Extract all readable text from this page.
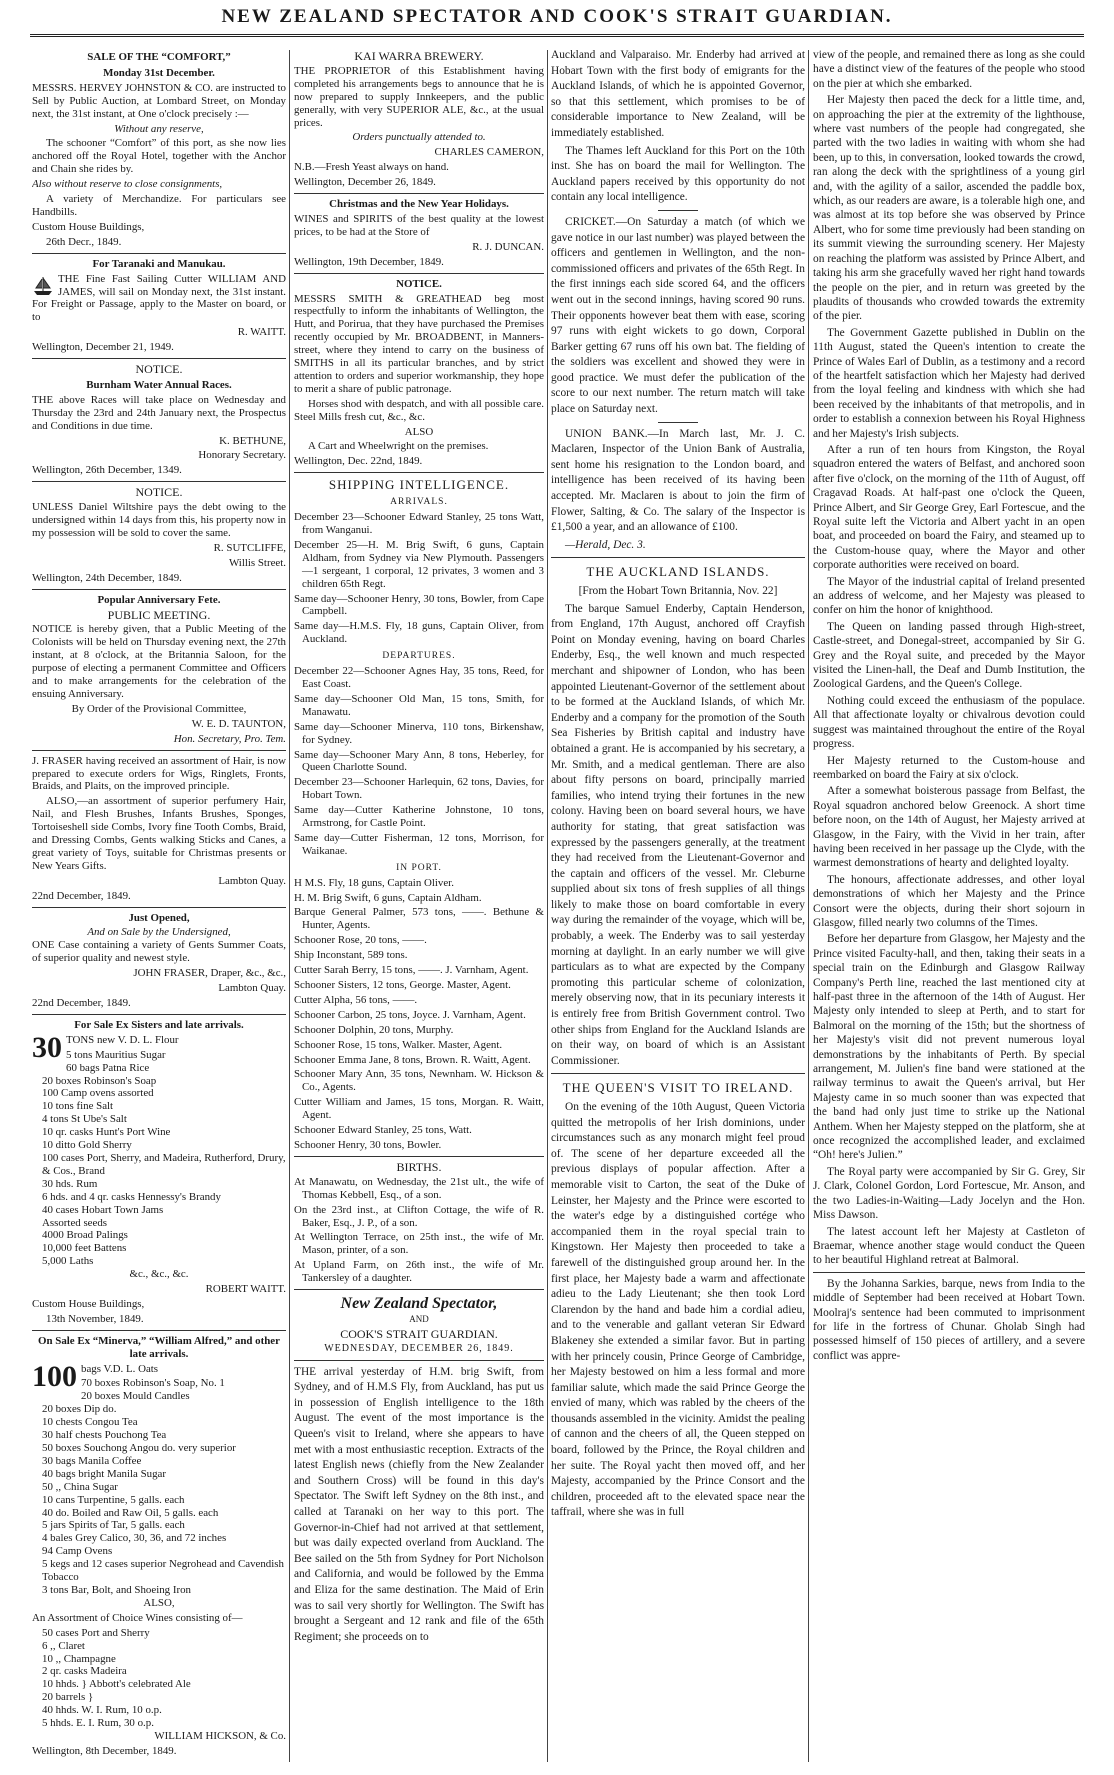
NEW ZEALAND SPECTATOR AND COOK'S STRAIT GUARDIAN.
SALE OF THE “COMFORT,”
Monday 31st December.

MESSRS. HERVEY JOHNSTON & CO. are instructed to Sell by Public Auction, at Lombard Street, on Monday next, the 31st instant, at One o'clock precisely :—

Without any reserve,

The schooner “Comfort” of this port, as she now lies anchored off the Royal Hotel, together with the Anchor and Chain she rides by.

Also without reserve to close consignments,

A variety of Merchandize. For particulars see Handbills.

Custom House Buildings,

26th Decr., 1849.

For Taranaki and Manukau.

THE Fine Fast Sailing Cutter WILLIAM AND JAMES, will sail on Monday next, the 31st instant. For Freight or Passage, apply to the Master on board, or to

R. WAITT.

Wellington, December 21, 1949.

NOTICE.
Burnham Water Annual Races.

THE above Races will take place on Wednesday and Thursday the 23rd and 24th January next, the Prospectus and Conditions in due time.

K. BETHUNE,

Honorary Secretary.

Wellington, 26th December, 1349.

NOTICE.

UNLESS Daniel Wiltshire pays the debt owing to the undersigned within 14 days from this, his property now in my possession will be sold to cover the same.

R. SUTCLIFFE,

Willis Street.

Wellington, 24th December, 1849.

Popular Anniversary Fete.
PUBLIC MEETING.

NOTICE is hereby given, that a Public Meeting of the Colonists will be held on Thursday evening next, the 27th instant, at 8 o'clock, at the Britannia Saloon, for the purpose of electing a permanent Committee and Officers and to make arrangements for the celebration of the ensuing Anniversary.

By Order of the Provisional Committee,

W. E. D. TAUNTON,

Hon. Secretary, Pro. Tem.

J. FRASER having received an assortment of Hair, is now prepared to execute orders for Wigs, Ringlets, Fronts, Braids, and Plaits, on the improved principle.

ALSO,—an assortment of superior perfumery Hair, Nail, and Flesh Brushes, Infants Brushes, Sponges, Tortoiseshell side Combs, Ivory fine Tooth Combs, Braid, and Dressing Combs, Gents walking Sticks and Canes, a great variety of Toys, suitable for Christmas presents or New Years Gifts.

Lambton Quay.

22nd December, 1849.

Just Opened,
And on Sale by the Undersigned,

ONE Case containing a variety of Gents Summer Coats, of superior quality and newest style.

JOHN FRASER, Draper, &c., &c.,

Lambton Quay.

22nd December, 1849.

For Sale Ex Sisters and late arrivals.
30 TONS new V. D. L. Flour

5 tons Mauritius Sugar
60 bags Patna Rice
20 boxes Robinson's Soap
100 Camp ovens assorted
10 tons fine Salt
4 tons St Ube's Salt
10 qr. casks Hunt's Port Wine
10 ditto Gold Sherry
100 cases Port, Sherry, and Madeira, Rutherford, Drury, & Cos., Brand
30 hds. Rum
6 hds. and 4 qr. casks Hennessy's Brandy
40 cases Hobart Town Jams
Assorted seeds
4000 Broad Palings
10,000 feet Battens
5,000 Laths

&c., &c., &c.

ROBERT WAITT.

Custom House Buildings,

13th November, 1849.

On Sale Ex “Minerva,” “William Alfred,” and other late arrivals.
100 bags V.D. L. Oats

70 boxes Robinson's Soap, No. 1
20 boxes Mould Candles
20 boxes Dip do.
10 chests Congou Tea
30 half chests Pouchong Tea
50 boxes Souchong Angou do. very superior
30 bags Manila Coffee
40 bags bright Manila Sugar
50 ,, China Sugar
10 cans Turpentine, 5 galls. each
40 do. Boiled and Raw Oil, 5 galls. each
5 jars Spirits of Tar, 5 galls. each
4 bales Grey Calico, 30, 36, and 72 inches
94 Camp Ovens
5 kegs and 12 cases superior Negrohead and Cavendish Tobacco
3 tons Bar, Bolt, and Shoeing Iron

ALSO,

An Assortment of Choice Wines consisting of—

50 cases Port and Sherry
6 ,, Claret
10 ,, Champagne
2 qr. casks Madeira
10 hhds. } Abbott's celebrated Ale
20 barrels }
40 hhds. W. I. Rum, 10 o.p.
5 hhds. E. I. Rum, 30 o.p.

WILLIAM HICKSON, & Co.

Wellington, 8th December, 1849.

KAI WARRA BREWERY.

THE PROPRIETOR of this Establishment having completed his arrangements begs to announce that he is now prepared to supply Innkeepers, and the public generally, with very SUPERIOR ALE, &c., at the usual prices.

Orders punctually attended to.

CHARLES CAMERON,

N.B.—Fresh Yeast always on hand.

Wellington, December 26, 1849.

Christmas and the New Year Holidays.

WINES and SPIRITS of the best quality at the lowest prices, to be had at the Store of

R. J. DUNCAN.

Wellington, 19th December, 1849.

NOTICE.

MESSRS SMITH & GREATHEAD beg most respectfully to inform the inhabitants of Wellington, the Hutt, and Porirua, that they have purchased the Premises recently occupied by Mr. BROADBENT, in Manners-street, where they intend to carry on the business of SMITHS in all its particular branches, and by strict attention to orders and superior workmanship, they hope to merit a share of public patronage.

Horses shod with despatch, and with all possible care. Steel Mills fresh cut, &c., &c.

ALSO

A Cart and Wheelwright on the premises.

Wellington, Dec. 22nd, 1849.

SHIPPING INTELLIGENCE.
ARRIVALS.

December 23—Schooner Edward Stanley, 25 tons Watt, from Wanganui.

December 25—H. M. Brig Swift, 6 guns, Captain Aldham, from Sydney via New Plymouth. Passengers—1 sergeant, 1 corporal, 12 privates, 3 women and 3 children 65th Regt.

Same day—Schooner Henry, 30 tons, Bowler, from Cape Campbell.

Same day—H.M.S. Fly, 18 guns, Captain Oliver, from Auckland.

DEPARTURES.

December 22—Schooner Agnes Hay, 35 tons, Reed, for East Coast.

Same day—Schooner Old Man, 15 tons, Smith, for Manawatu.

Same day—Schooner Minerva, 110 tons, Birkenshaw, for Sydney.

Same day—Schooner Mary Ann, 8 tons, Heberley, for Queen Charlotte Sound.

December 23—Schooner Harlequin, 62 tons, Davies, for Hobart Town.

Same day—Cutter Katherine Johnstone, 10 tons, Armstrong, for Castle Point.

Same day—Cutter Fisherman, 12 tons, Morrison, for Waikanae.

IN PORT.

H M.S. Fly, 18 guns, Captain Oliver.

H. M. Brig Swift, 6 guns, Captain Aldham.

Barque General Palmer, 573 tons, ——. Bethune & Hunter, Agents.

Schooner Rose, 20 tons, ——.

Ship Inconstant, 589 tons.

Cutter Sarah Berry, 15 tons, ——. J. Varnham, Agent.

Schooner Sisters, 12 tons, George. Master, Agent.

Cutter Alpha, 56 tons, ——.

Schooner Carbon, 25 tons, Joyce. J. Varnham, Agent.

Schooner Dolphin, 20 tons, Murphy.

Schooner Rose, 15 tons, Walker. Master, Agent.

Schooner Emma Jane, 8 tons, Brown. R. Waitt, Agent.

Schooner Mary Ann, 35 tons, Newnham. W. Hickson & Co., Agents.

Cutter William and James, 15 tons, Morgan. R. Waitt, Agent.

Schooner Edward Stanley, 25 tons, Watt.

Schooner Henry, 30 tons, Bowler.

BIRTHS.

At Manawatu, on Wednesday, the 21st ult., the wife of Thomas Kebbell, Esq., of a son.

On the 23rd inst., at Clifton Cottage, the wife of R. Baker, Esq., J. P., of a son.

At Wellington Terrace, on 25th inst., the wife of Mr. Mason, printer, of a son.

At Upland Farm, on 26th inst., the wife of Mr. Tankersley of a daughter.

New Zealand Spectator,
AND
COOK'S STRAIT GUARDIAN.
WEDNESDAY, DECEMBER 26, 1849.

THE arrival yesterday of H.M. brig Swift, from Sydney, and of H.M.S Fly, from Auckland, has put us in possession of English intelligence to the 18th August. The event of the most importance is the Queen's visit to Ireland, where she appears to have met with a most enthusiastic reception. Extracts of the latest English news (chiefly from the New Zealander and Southern Cross) will be found in this day's Spectator. The Swift left Sydney on the 8th inst., and called at Taranaki on her way to this port. The Governor-in-Chief had not arrived at that settlement, but was daily expected overland from Auckland. The Bee sailed on the 5th from Sydney for Port Nicholson and California, and would be followed by the Emma and Eliza for the same destination. The Maid of Erin was to sail very shortly for Wellington. The Swift has brought a Sergeant and 12 rank and file of the 65th Regiment; she proceeds on to

Auckland and Valparaiso. Mr. Enderby had arrived at Hobart Town with the first body of emigrants for the Auckland Islands, of which he is appointed Governor, so that this settlement, which promises to be of considerable importance to New Zealand, will be immediately established.

The Thames left Auckland for this Port on the 10th inst. She has on board the mail for Wellington. The Auckland papers received by this opportunity do not contain any local intelligence.

CRICKET.—On Saturday a match (of which we gave notice in our last number) was played between the officers and gentlemen in Wellington, and the non-commissioned officers and privates of the 65th Regt. In the first innings each side scored 64, and the officers went out in the second innings, having scored 90 runs. Their opponents however beat them with ease, scoring 97 runs with eight wickets to go down, Corporal Barker getting 67 runs off his own bat. The fielding of the soldiers was excellent and showed they were in good practice. We must defer the publication of the score to our next number. The return match will take place on Saturday next.

UNION BANK.—In March last, Mr. J. C. Maclaren, Inspector of the Union Bank of Australia, sent home his resignation to the London board, and intelligence has been received of its having been accepted. Mr. Maclaren is about to join the firm of Flower, Salting, & Co. The salary of the Inspector is £1,500 a year, and an allowance of £100.

—Herald, Dec. 3.

THE AUCKLAND ISLANDS.

[From the Hobart Town Britannia, Nov. 22]

The barque Samuel Enderby, Captain Henderson, from England, 17th August, anchored off Crayfish Point on Monday evening, having on board Charles Enderby, Esq., the well known and much respected merchant and shipowner of London, who has been appointed Lieutenant-Governor of the settlement about to be formed at the Auckland Islands, of which Mr. Enderby and a company for the promotion of the South Sea Fisheries by British capital and industry have obtained a grant. He is accompanied by his secretary, a Mr. Smith, and a medical gentleman. There are also about fifty persons on board, principally married families, who intend trying their fortunes in the new colony. Having been on board several hours, we have authority for stating, that great satisfaction was expressed by the passengers generally, at the treatment they had received from the Lieutenant-Governor and the captain and officers of the vessel. Mr. Cleburne supplied about six tons of fresh supplies of all things likely to make those on board comfortable in every way during the remainder of the voyage, which will be, probably, a week. The Enderby was to sail yesterday morning at daylight. In an early number we will give particulars as to what are expected by the Company promoting this particular scheme of colonization, merely observing now, that in its pecuniary interests it is entirely free from British Government control. Two other ships from England for the Auckland Islands are on their way, on board of which is an Assistant Commissioner.

THE QUEEN'S VISIT TO IRELAND.

On the evening of the 10th August, Queen Victoria quitted the metropolis of her Irish dominions, under circumstances such as any monarch might feel proud of. The scene of her departure exceeded all the previous displays of popular affection. After a memorable visit to Carton, the seat of the Duke of Leinster, her Majesty and the Prince were escorted to the water's edge by a distinguished cortége who accompanied them in the royal special train to Kingstown. Her Majesty then proceeded to take a farewell of the distinguished group around her. In the first place, her Majesty bade a warm and affectionate adieu to the Lady Lieutenant; she then took Lord Clarendon by the hand and bade him a cordial adieu, and to the venerable and gallant veteran Sir Edward Blakeney she extended a similar favor. But in parting with her princely cousin, Prince George of Cambridge, her Majesty bestowed on him a less formal and more familiar salute, which made the said Prince George the envied of many, which was rabled by the cheers of the thousands assembled in the vicinity. Amidst the pealing of cannon and the cheers of all, the Queen stepped on board, followed by the Prince, the Royal children and her suite. The Royal yacht then moved off, and her Majesty, accompanied by the Prince Consort and the children, proceeded aft to the elevated space near the taffrail, where she was in full

view of the people, and remained there as long as she could have a distinct view of the features of the people who stood on the pier at which she embarked.

Her Majesty then paced the deck for a little time, and, on approaching the pier at the extremity of the lighthouse, where vast numbers of the people had congregated, she parted with the two ladies in waiting with whom she had been, up to this, in conversation, looked towards the crowd, ran along the deck with the sprightliness of a young girl and, with the agility of a sailor, ascended the paddle box, which, as our readers are aware, is a tolerable high one, and was almost at its top before she was observed by Prince Albert, who for some time previously had been standing on its summit viewing the surrounding scenery. Her Majesty on reaching the platform was assisted by Prince Albert, and taking his arm she gracefully waved her right hand towards the people on the pier, and in return was greeted by the plaudits of thousands who crowded towards the extremity of the pier.

The Government Gazette published in Dublin on the 11th August, stated the Queen's intention to create the Prince of Wales Earl of Dublin, as a testimony and a record of the heartfelt satisfaction which her Majesty had derived from the loyal feeling and kindness with which she had been received by the inhabitants of that metropolis, and in order to establish a connexion between his Royal Highness and her Majesty's Irish subjects.

After a run of ten hours from Kingston, the Royal squadron entered the waters of Belfast, and anchored soon after five o'clock, on the morning of the 11th of August, off Cragavad Roads. At half-past one o'clock the Queen, Prince Albert, and Sir George Grey, Earl Fortescue, and the Royal suite left the Victoria and Albert yacht in an open boat, and proceeded on board the Fairy, and steamed up to the Custom-house quay, where the Mayor and other corporate authorities were received on board.

The Mayor of the industrial capital of Ireland presented an address of welcome, and her Majesty was pleased to confer on him the honor of knighthood.

The Queen on landing passed through High-street, Castle-street, and Donegal-street, accompanied by Sir G. Grey and the Royal suite, and preceded by the Mayor visited the Linen-hall, the Deaf and Dumb Institution, the Zoological Gardens, and the Queen's College.

Nothing could exceed the enthusiasm of the populace. All that affectionate loyalty or chivalrous devotion could suggest was maintained throughout the entire of the Royal progress.

Her Majesty returned to the Custom-house and reembarked on board the Fairy at six o'clock.

After a somewhat boisterous passage from Belfast, the Royal squadron anchored below Greenock. A short time before noon, on the 14th of August, her Majesty arrived at Glasgow, in the Fairy, with the Vivid in her train, after having been received in her passage up the Clyde, with the warmest demonstrations of hearty and delighted loyalty.

The honours, affectionate addresses, and other loyal demonstrations of which her Majesty and the Prince Consort were the objects, during their short sojourn in Glasgow, filled nearly two columns of the Times.

Before her departure from Glasgow, her Majesty and the Prince visited Faculty-hall, and then, taking their seats in a special train on the Edinburgh and Glasgow Railway Company's Perth line, reached the last mentioned city at half-past three in the afternoon of the 14th of August. Her Majesty only intended to sleep at Perth, and to start for Balmoral on the morning of the 15th; but the shortness of her Majesty's visit did not prevent numerous loyal demonstrations by the inhabitants of Perth. By special arrangement, M. Julien's fine band were stationed at the railway terminus to await the Queen's arrival, but Her Majesty came in so much sooner than was expected that the band had only just time to strike up the National Anthem. When her Majesty stepped on the platform, she at once recognized the accomplished leader, and exclaimed “Oh! here's Julien.”

The Royal party were accompanied by Sir G. Grey, Sir J. Clark, Colonel Gordon, Lord Fortescue, Mr. Anson, and the two Ladies-in-Waiting—Lady Jocelyn and the Hon. Miss Dawson.

The latest account left her Majesty at Castleton of Braemar, whence another stage would conduct the Queen to her beautiful Highland retreat at Balmoral.

By the Johanna Sarkies, barque, news from India to the middle of September had been received at Hobart Town. Moolraj's sentence had been commuted to imprisonment for life in the fortress of Chunar. Gholab Singh had possessed himself of 150 pieces of artillery, and a severe conflict was appre-
